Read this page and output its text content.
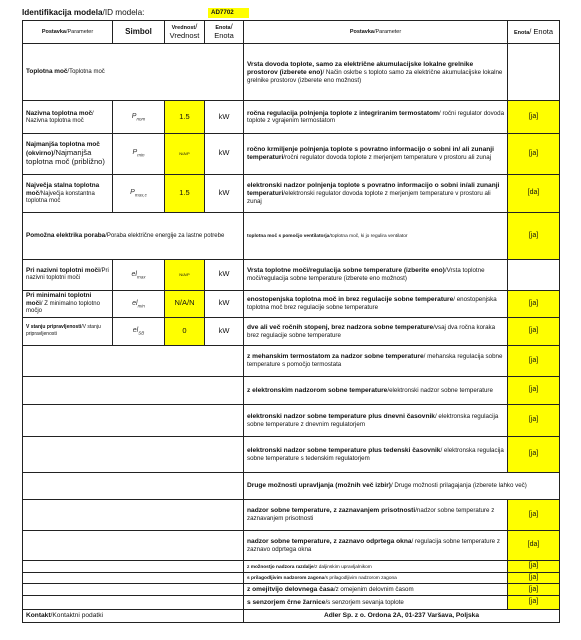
Identifikacija modela/ID modela:	AD7702
Postavka/Parameter	Simbol	Vrednost/ Vrednost	Enota/ Enota	Postavka/Parameter	Enota/ Enota
Toplotna moč/Toplotna moč				Vrsta dovoda toplote, samo za električne akumulacijske lokalne grelnike prostorov (izberete eno)/ Način oskrbe s toploto samo za električne akumulacijske lokalne grelnike prostorov (izberete eno možnost)	
Nazivna toplotna moč/ Nazivna toplotna moč	$P_{nom}$	1.5	kW	ročna regulacija polnjenja toplote z integriranim termostatom/ ročni regulator dovoda toplote z vgrajenim termostatom	[ja]
Najmanjša toplotna moč (okvirno)/Najmanjša toplotna moč (približno)	$P_{min}$	N/A/P	kW	ročno krmiljenje polnjenja toplote s povratno informacijo o sobni in/ ali zunanji temperaturi/ročni regulator dovoda toplote z merjenjem temperature v prostoru ali zunaj	[ja]
Največja stalna toplotna moč/Največja konstantna toplotna moč	$P_{max,c}$	1.5	kW	elektronski nadzor polnjenja toplote s povratno informacijo o sobni in/ali zunanji temperaturi/elektronski regulator dovoda toplote z merjenjem temperature v prostoru ali zunaj	[da]
Pomožna elektrika poraba/Poraba električne energije za lastne potrebe				toplotna moč s pomočjo ventilatorja/toplotna moč, ki jo regulira ventilator	[ja]
Pri nazivni toplotni moči/Pri nazivni toplotni moči	$el_{max}$	N/A/P	kW	Vrsta toplotne moči/regulacija sobne temperature (izberite eno)/Vrsta toplotne moči/regulacija sobne temperature (izberete eno možnost)	
Pri minimalni toplotni moči/ Z minimalno toplotno močjo	$el_{min}$	N/A/N	kW	enostopenjska toplotna moč in brez regulacije sobne temperature/ enostopenjska toplotna moč brez regulacije sobne temperature	[ja]
V stanju pripravljenosti/V stanju pripravljenosti	$el_{SB}$	0	kW	dve ali več ročnih stopenj, brez nadzora sobne temperature/vsaj dva ročna koraka brez regulacije sobne temperature	[ja]
				z mehanskim termostatom za nadzor sobne temperature/ mehanska regulacija sobne temperature s pomočjo termostata	[ja]
				z elektronskim nadzorom sobne temperature/elektronski nadzor sobne temperature	[ja]
				elektronski nadzor sobne temperature plus dnevni časovnik/ elektronska regulacija sobne temperature z dnevnim regulatorjem	[ja]
				elektronski nadzor sobne temperature plus tedenski časovnik/ elektronska regulacija sobne temperature s tedenskim regulatorjem	[ja]
				Druge možnosti upravljanja (možnih več izbir)/ Druge možnosti prilagajanja (izberete lahko več)	
				nadzor sobne temperature, z zaznavanjem prisotnosti/nadzor sobne temperature z zaznavanjem prisotnosti	[ja]
				nadzor sobne temperature, z zaznavo odprtega okna/ regulacija sobne temperature z zaznavo odprtega okna	[da]
				z možnostjo nadzora razdalje/z daljinskim upravljalnikom	[ja]
				s prilagodljivim nadzorom zagona/s prilagodljivim nadzorom zagona	[ja]
				z omejitvijo delovnega časa/z omejenim delovnim časom	[ja]
				s senzorjem črne žarnice/s senzorjem sevanja toplote	[ja]
Kontakt/Kontaktni podatki				Adler Sp. z o. Ordona 2A, 01-237 Varšava, Poljska	
